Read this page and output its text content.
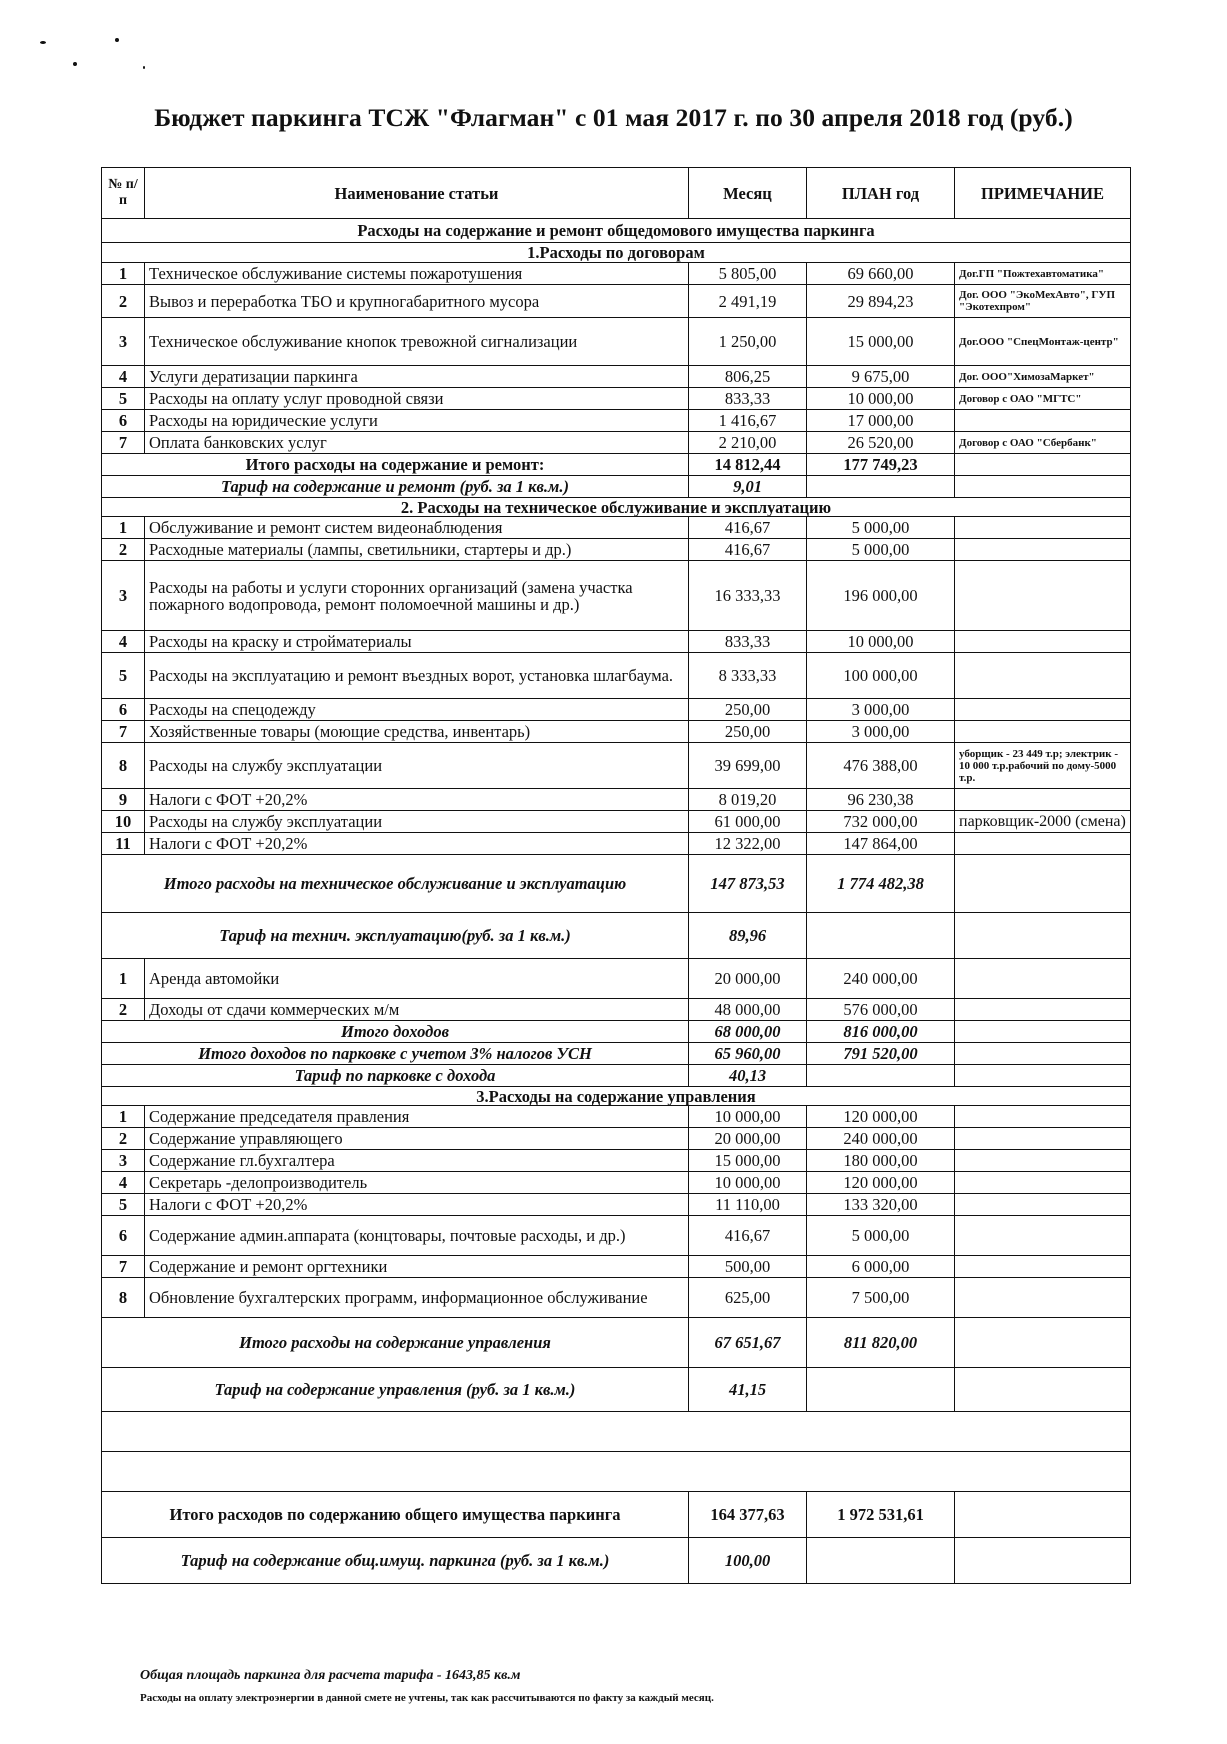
Бюджет паркинга ТСЖ "Флагман" с 01 мая 2017 г. по 30 апреля 2018 год (руб.)
№ п/п	Наименование статьи	Месяц	ПЛАН год	ПРИМЕЧАНИЕ
Расходы на содержание и ремонт общедомового имущества паркинга				
1.Расходы по договорам				
1	Техническое обслуживание системы пожаротушения	5 805,00	69 660,00	Дог.ГП "Пожтехавтоматика"
2	Вывоз и переработка ТБО и крупногабаритного мусора	2 491,19	29 894,23	Дог. ООО "ЭкоМехАвто", ГУП "Экотехпром"
3	Техническое обслуживание кнопок тревожной сигнализации	1 250,00	15 000,00	Дог.ООО "СпецМонтаж-центр"
4	Услуги дератизации паркинга	806,25	9 675,00	Дог. ООО"ХимозаМаркет"
5	Расходы на оплату услуг проводной связи	833,33	10 000,00	Договор с ОАО "МГТС"
6	Расходы на юридические услуги	1 416,67	17 000,00	
7	Оплата банковских услуг	2 210,00	26 520,00	Договор с ОАО "Сбербанк"
Итого расходы на содержание и ремонт:		14 812,44	177 749,23	
Тариф на содержание и ремонт (руб. за 1 кв.м.)		9,01		
2. Расходы на техническое обслуживание и эксплуатацию				
1	Обслуживание и ремонт систем видеонаблюдения	416,67	5 000,00	
2	Расходные материалы (лампы, светильники, стартеры и др.)	416,67	5 000,00	
3	Расходы на работы и услуги сторонних организаций (замена участка пожарного водопровода, ремонт поломоечной машины и др.)	16 333,33	196 000,00	
4	Расходы на краску и стройматериалы	833,33	10 000,00	
5	Расходы на эксплуатацию и ремонт въездных ворот, установка шлагбаума.	8 333,33	100 000,00	
6	Расходы на спецодежду	250,00	3 000,00	
7	Хозяйственные товары (моющие средства, инвентарь)	250,00	3 000,00	
8	Расходы на службу эксплуатации	39 699,00	476 388,00	уборщик - 23 449 т.р; электрик - 10 000 т.р.рабочий по дому-5000 т.р.
9	Налоги с ФОТ +20,2%	8 019,20	96 230,38	
10	Расходы на службу эксплуатации	61 000,00	732 000,00	парковщик-2000 (смена)
11	Налоги с ФОТ +20,2%	12 322,00	147 864,00	
Итого расходы на техническое обслуживание и эксплуатацию		147 873,53	1 774 482,38	
Тариф на технич. эксплуатацию(руб. за 1 кв.м.)		89,96		
1	Аренда автомойки	20 000,00	240 000,00	
2	Доходы от сдачи коммерческих м/м	48 000,00	576 000,00	
Итого доходов		68 000,00	816 000,00	
Итого доходов по парковке с учетом 3% налогов УСН		65 960,00	791 520,00	
Тариф по парковке с дохода		40,13		
3.Расходы на содержание управления				
1	Содержание председателя правления	10 000,00	120 000,00	
2	Содержание управляющего	20 000,00	240 000,00	
3	Содержание гл.бухгалтера	15 000,00	180 000,00	
4	Секретарь -делопроизводитель	10 000,00	120 000,00	
5	Налоги с ФОТ +20,2%	11 110,00	133 320,00	
6	Содержание админ.аппарата (концтовары, почтовые расходы, и др.)	416,67	5 000,00	
7	Содержание и ремонт оргтехники	500,00	6 000,00	
8	Обновление бухгалтерских программ, информационное обслуживание	625,00	7 500,00	
Итого расходы на содержание управления		67 651,67	811 820,00	
Тариф на содержание управления (руб. за 1 кв.м.)		41,15		

Итого расходов по содержанию общего имущества паркинга		164 377,63	1 972 531,61	
Тариф на содержание общ.имущ. паркинга (руб. за 1 кв.м.)		100,00		
Общая площадь паркинга для расчета тарифа - 1643,85 кв.м
Расходы на оплату электроэнергии в данной смете не учтены, так как рассчитываются по факту за каждый месяц.
